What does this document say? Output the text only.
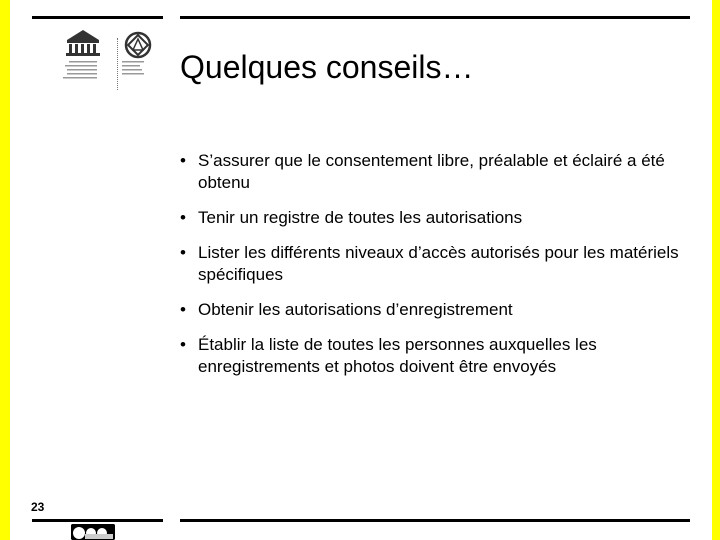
Quelques conseils…
• S’assurer que le consentement libre, préalable et éclairé a été obtenu
• Tenir un registre de toutes les autorisations
• Lister les différents niveaux d’accès autorisés pour les matériels spécifiques
• Obtenir les autorisations d’enregistrement
• Établir la liste de toutes les personnes auxquelles les enregistrements et photos doivent être envoyés
23
